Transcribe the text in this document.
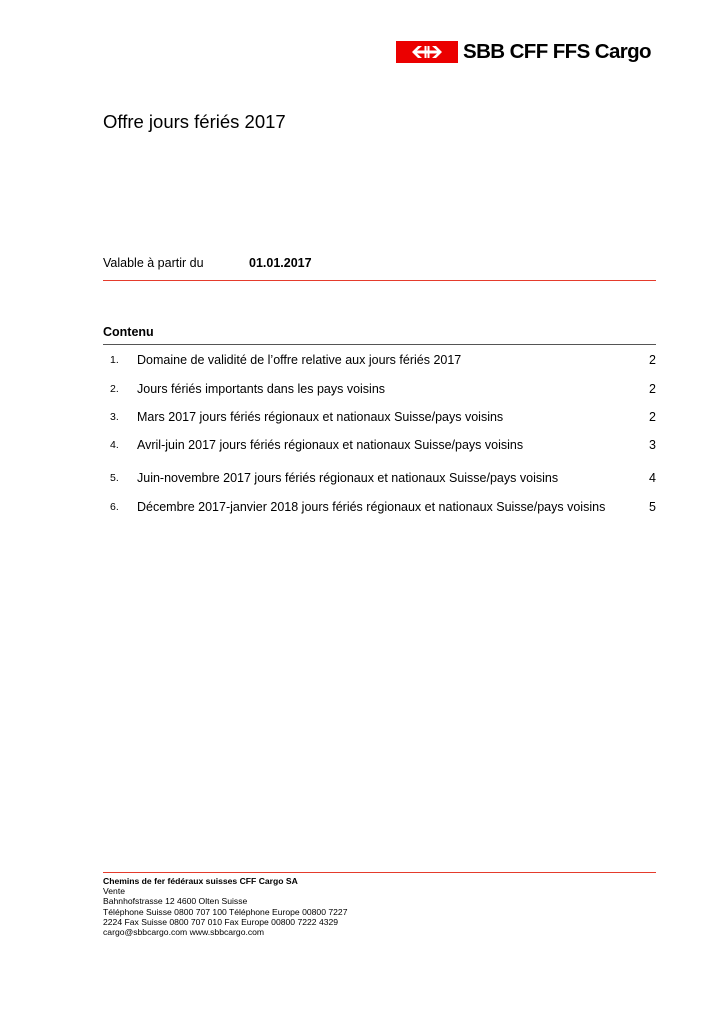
SBB CFF FFS Cargo
Offre jours fériés 2017
Valable à partir du	01.01.2017
Contenu
1. Domaine de validité de l’offre relative aux jours fériés 2017	2
2. Jours fériés importants dans les pays voisins	2
3. Mars 2017 jours fériés régionaux et nationaux Suisse/pays voisins	2
4. Avril-juin 2017 jours fériés régionaux et nationaux Suisse/pays voisins	3
5. Juin-novembre 2017 jours fériés régionaux et nationaux Suisse/pays voisins	4
6. Décembre 2017-janvier 2018 jours fériés régionaux et nationaux Suisse/pays voisins	5
Chemins de fer fédéraux suisses CFF Cargo SA
Vente
Bahnhofstrasse 12 4600 Olten Suisse
Téléphone Suisse 0800 707 100 Téléphone Europe 00800 7227
2224 Fax Suisse 0800 707 010 Fax Europe 00800 7222 4329
cargo@sbbcargo.com www.sbbcargo.com
